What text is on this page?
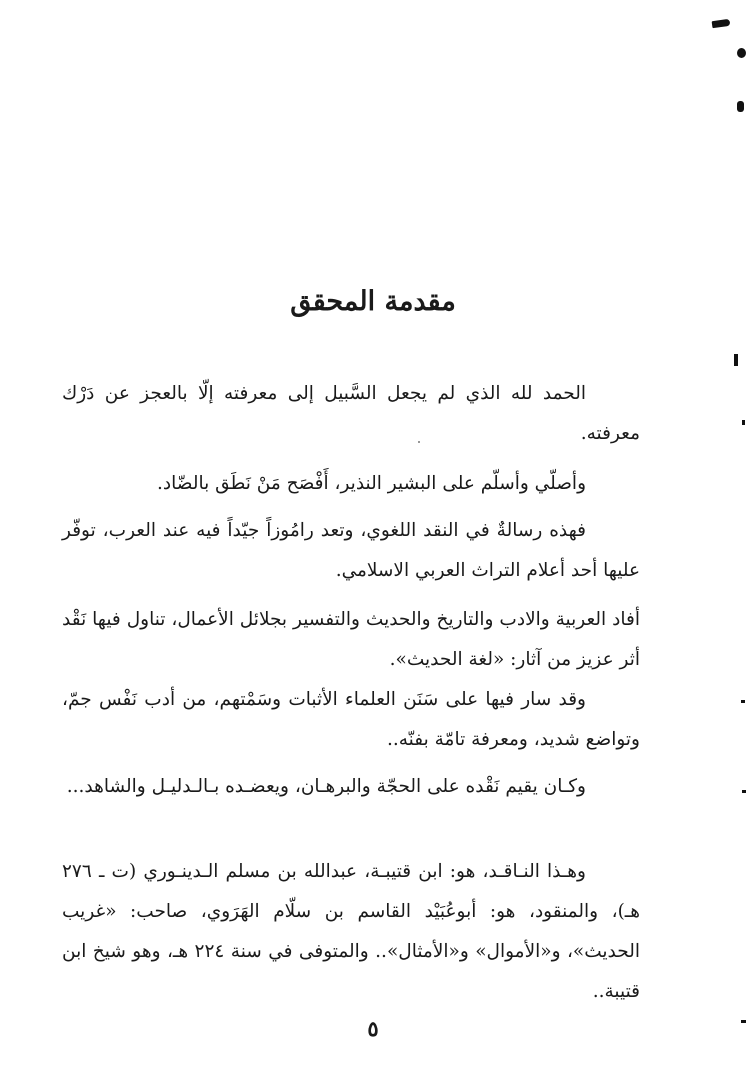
مقدمة المحقق

الحمد لله الذي لم يجعل السَّبيل إلى معرفته إلّا بالعجز عن دَرْك معرفته.

وأصلّي وأسلّم على البشير النذير، أَفْصَح مَنْ نَطَق بالضّاد.

فهذه رسالةٌ في النقد اللغوي، وتعد رامُوزاً جيّداً فيه عند العرب، توفّر عليها أحد أعلام التراث العربي الاسلامي.

أفاد العربية والادب والتاريخ والحديث والتفسير بجلائل الأعمال، تناول فيها نَقْد أثر عزيز من آثار: «لغة الحديث».

وقد سار فيها على سَنَن العلماء الأثبات وسَمْتهم، من أدب نَفْس جمّ، وتواضع شديد، ومعرفة تامّة بفنّه..

وكـان يقيم نَقْده على الحجّة والبرهـان، ويعضـده بـالـدليـل والشاهد...

وهـذا النـاقـد، هو: ابن قتيبـة، عبدالله بن مسلم الـدينـوري (ت ـ ٢٧٦ هـ)، والمنقود، هو: أبوعُبَيْد القاسم بن سلّام الهَرَوي، صاحب: «غريب الحديث»، و«الأموال» و«الأمثال».. والمتوفى في سنة ٢٢٤ هـ، وهو شيخ ابن قتيبة..

٥
